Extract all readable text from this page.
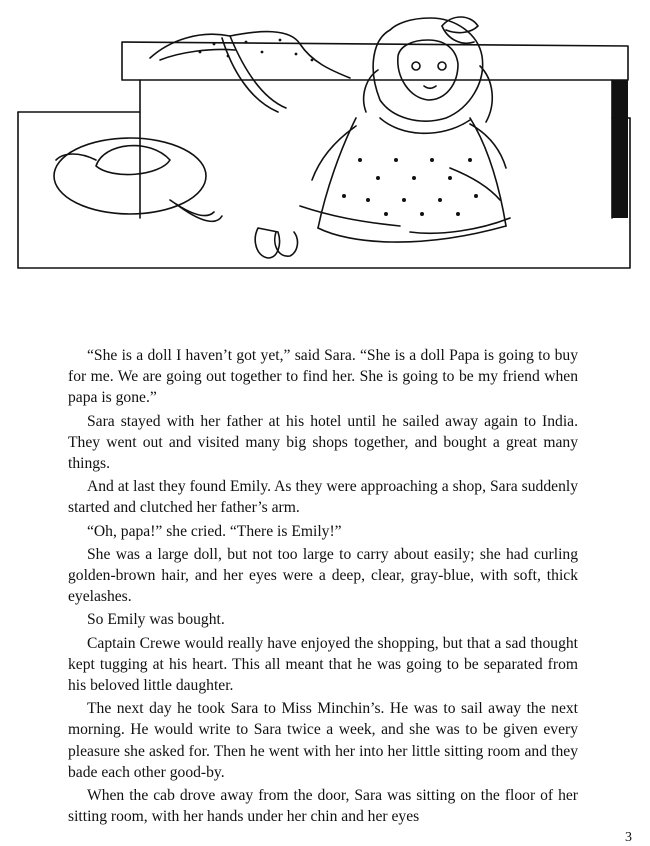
“She is a doll I haven’t got yet,” said Sara. “She is a doll Papa is going to buy for me. We are going out together to find her. She is going to be my friend when papa is gone.”

Sara stayed with her father at his hotel until he sailed away again to India. They went out and visited many big shops together, and bought a great many things.

And at last they found Emily. As they were approaching a shop, Sara suddenly started and clutched her father’s arm.

“Oh, papa!” she cried. “There is Emily!”

She was a large doll, but not too large to carry about easily; she had curling golden-brown hair, and her eyes were a deep, clear, gray-blue, with soft, thick eyelashes.

So Emily was bought.

Captain Crewe would really have enjoyed the shopping, but that a sad thought kept tugging at his heart. This all meant that he was going to be separated from his beloved little daughter.

The next day he took Sara to Miss Minchin’s. He was to sail away the next morning. He would write to Sara twice a week, and she was to be given every pleasure she asked for. Then he went with her into her little sitting room and they bade each other good-by.

When the cab drove away from the door, Sara was sitting on the floor of her sitting room, with her hands under her chin and her eyes

3
